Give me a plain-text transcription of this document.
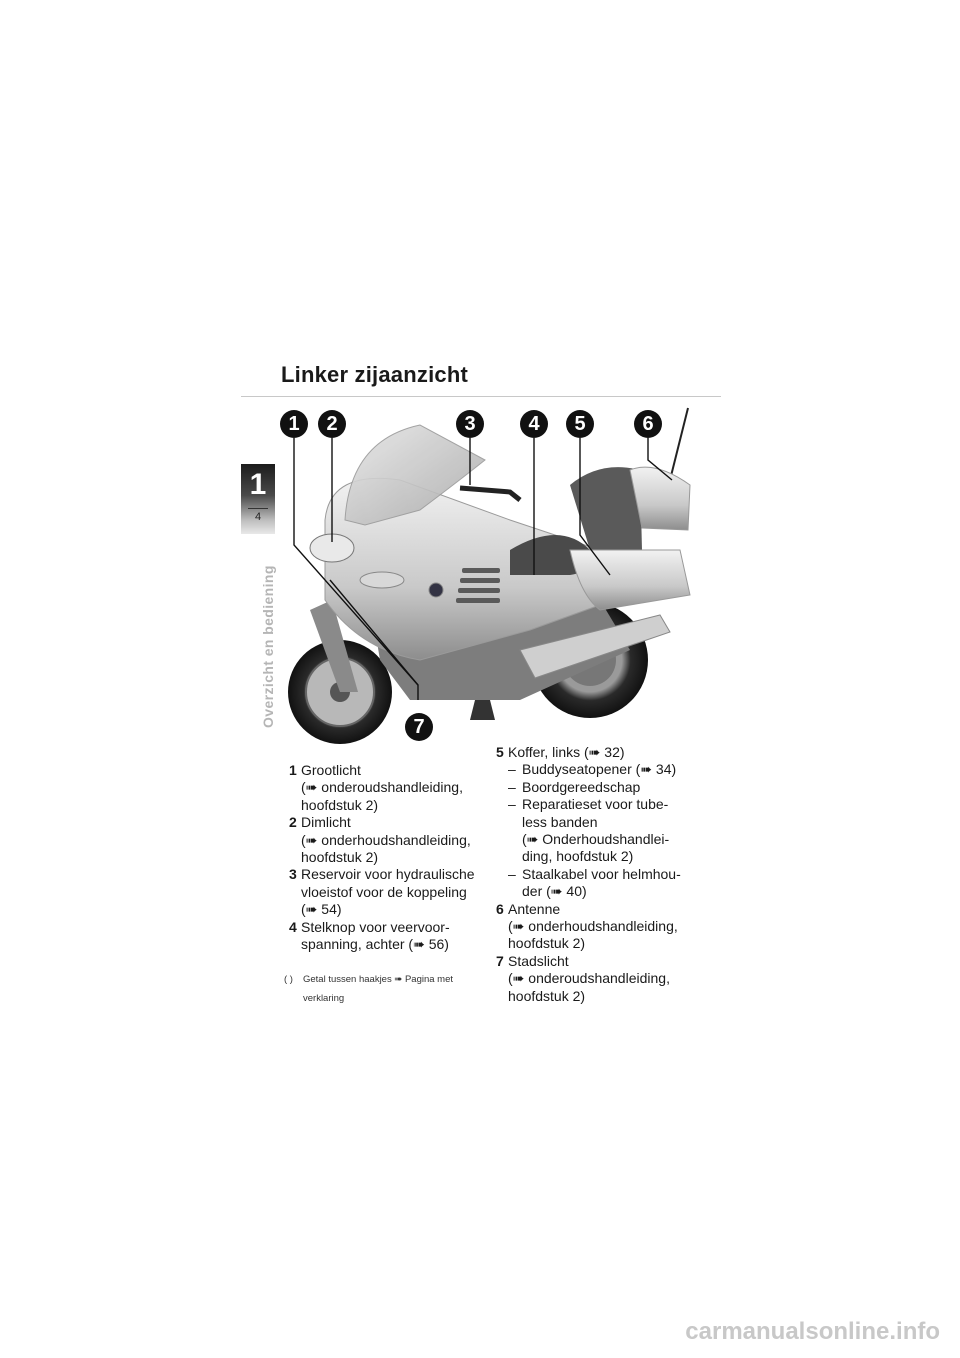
Linker zijaanzicht
1
4
Overzicht en bediening
1	2	3	4	5	6
7
1 Grootlicht
(➠ onderoudshandleiding,
hoofdstuk 2)
2 Dimlicht
(➠ onderhoudshandleiding,
hoofdstuk 2)
3 Reservoir voor hydraulische
vloeistof voor de koppeling
(➠ 54)
4 Stelknop voor veervoor-
spanning, achter (➠ 56)
( ) Getal tussen haakjes ➠ Pagina met
verklaring
5 Koffer, links (➠ 32)
– Buddyseatopener (➠ 34)
– Boordgereedschap
– Reparatieset voor tube-
less banden
(➠ Onderhoudshandlei-
ding, hoofdstuk 2)
– Staalkabel voor helmhou-
der (➠ 40)
6 Antenne
(➠ onderhoudshandleiding,
hoofdstuk 2)
7 Stadslicht
(➠ onderoudshandleiding,
hoofdstuk 2)
carmanualsonline.info
